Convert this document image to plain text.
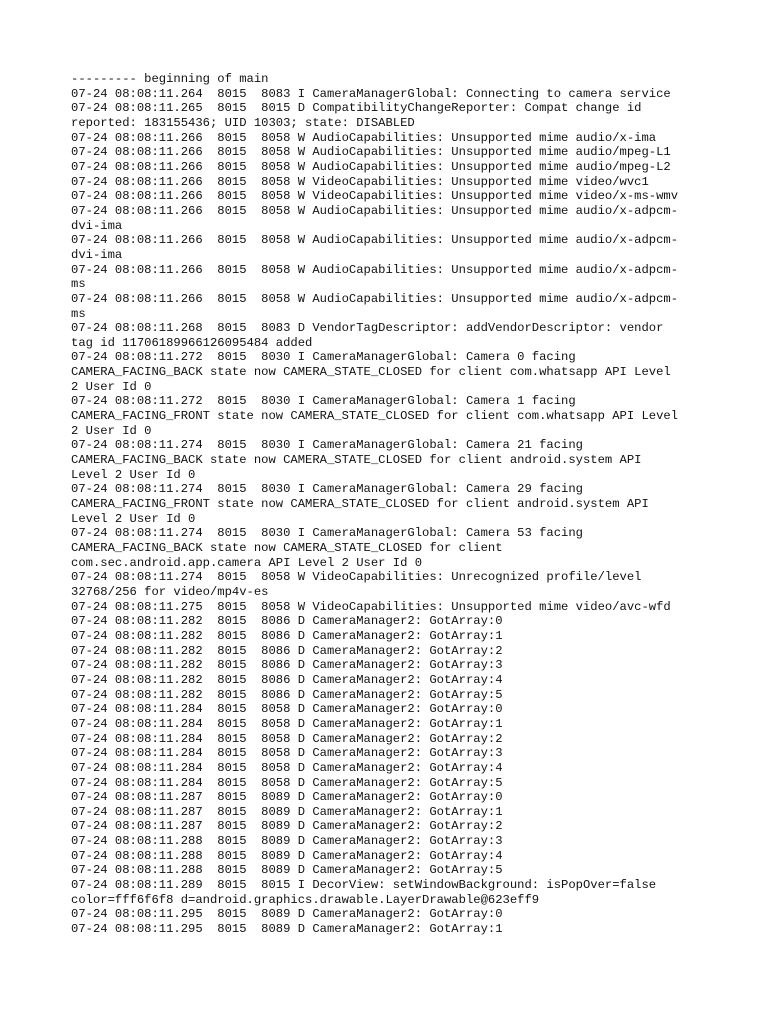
--------- beginning of main
07-24 08:08:11.264  8015  8083 I CameraManagerGlobal: Connecting to camera service
07-24 08:08:11.265  8015  8015 D CompatibilityChangeReporter: Compat change id
reported: 183155436; UID 10303; state: DISABLED
07-24 08:08:11.266  8015  8058 W AudioCapabilities: Unsupported mime audio/x-ima
07-24 08:08:11.266  8015  8058 W AudioCapabilities: Unsupported mime audio/mpeg-L1
07-24 08:08:11.266  8015  8058 W AudioCapabilities: Unsupported mime audio/mpeg-L2
07-24 08:08:11.266  8015  8058 W VideoCapabilities: Unsupported mime video/wvc1
07-24 08:08:11.266  8015  8058 W VideoCapabilities: Unsupported mime video/x-ms-wmv
07-24 08:08:11.266  8015  8058 W AudioCapabilities: Unsupported mime audio/x-adpcm-
dvi-ima
07-24 08:08:11.266  8015  8058 W AudioCapabilities: Unsupported mime audio/x-adpcm-
dvi-ima
07-24 08:08:11.266  8015  8058 W AudioCapabilities: Unsupported mime audio/x-adpcm-
ms
07-24 08:08:11.266  8015  8058 W AudioCapabilities: Unsupported mime audio/x-adpcm-
ms
07-24 08:08:11.268  8015  8083 D VendorTagDescriptor: addVendorDescriptor: vendor
tag id 11706189966126095484 added
07-24 08:08:11.272  8015  8030 I CameraManagerGlobal: Camera 0 facing
CAMERA_FACING_BACK state now CAMERA_STATE_CLOSED for client com.whatsapp API Level
2 User Id 0
07-24 08:08:11.272  8015  8030 I CameraManagerGlobal: Camera 1 facing
CAMERA_FACING_FRONT state now CAMERA_STATE_CLOSED for client com.whatsapp API Level
2 User Id 0
07-24 08:08:11.274  8015  8030 I CameraManagerGlobal: Camera 21 facing
CAMERA_FACING_BACK state now CAMERA_STATE_CLOSED for client android.system API
Level 2 User Id 0
07-24 08:08:11.274  8015  8030 I CameraManagerGlobal: Camera 29 facing
CAMERA_FACING_FRONT state now CAMERA_STATE_CLOSED for client android.system API
Level 2 User Id 0
07-24 08:08:11.274  8015  8030 I CameraManagerGlobal: Camera 53 facing
CAMERA_FACING_BACK state now CAMERA_STATE_CLOSED for client
com.sec.android.app.camera API Level 2 User Id 0
07-24 08:08:11.274  8015  8058 W VideoCapabilities: Unrecognized profile/level
32768/256 for video/mp4v-es
07-24 08:08:11.275  8015  8058 W VideoCapabilities: Unsupported mime video/avc-wfd
07-24 08:08:11.282  8015  8086 D CameraManager2: GotArray:0
07-24 08:08:11.282  8015  8086 D CameraManager2: GotArray:1
07-24 08:08:11.282  8015  8086 D CameraManager2: GotArray:2
07-24 08:08:11.282  8015  8086 D CameraManager2: GotArray:3
07-24 08:08:11.282  8015  8086 D CameraManager2: GotArray:4
07-24 08:08:11.282  8015  8086 D CameraManager2: GotArray:5
07-24 08:08:11.284  8015  8058 D CameraManager2: GotArray:0
07-24 08:08:11.284  8015  8058 D CameraManager2: GotArray:1
07-24 08:08:11.284  8015  8058 D CameraManager2: GotArray:2
07-24 08:08:11.284  8015  8058 D CameraManager2: GotArray:3
07-24 08:08:11.284  8015  8058 D CameraManager2: GotArray:4
07-24 08:08:11.284  8015  8058 D CameraManager2: GotArray:5
07-24 08:08:11.287  8015  8089 D CameraManager2: GotArray:0
07-24 08:08:11.287  8015  8089 D CameraManager2: GotArray:1
07-24 08:08:11.287  8015  8089 D CameraManager2: GotArray:2
07-24 08:08:11.288  8015  8089 D CameraManager2: GotArray:3
07-24 08:08:11.288  8015  8089 D CameraManager2: GotArray:4
07-24 08:08:11.288  8015  8089 D CameraManager2: GotArray:5
07-24 08:08:11.289  8015  8015 I DecorView: setWindowBackground: isPopOver=false
color=fff6f6f8 d=android.graphics.drawable.LayerDrawable@623eff9
07-24 08:08:11.295  8015  8089 D CameraManager2: GotArray:0
07-24 08:08:11.295  8015  8089 D CameraManager2: GotArray:1
